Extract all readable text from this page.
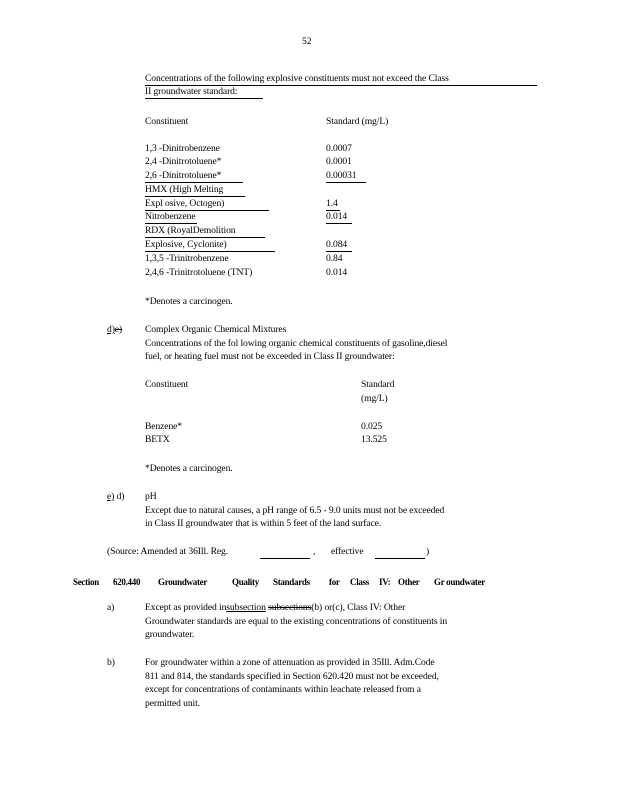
52
Concentrations of the following explosive constituents must not exceed the Class
II groundwater standard:
Constituent	Standard (mg/L)
1,3 -Dinitrobenzene	0.0007
2,4 -Dinitrotoluene*	0.0001
2,6 -Dinitrotoluene*	0.00031
HMX (High Melting
Expl osive, Octogen)	1.4
Nitrobenzene	0.014
RDX (RoyalDemolition
Explosive, Cyclonite)	0.084
1,3,5 -Trinitrobenzene	0.84
2,4,6 -Trinitrotoluene (TNT)	0.014
*Denotes a carcinogen.
d)e) Complex Organic Chemical Mixtures
Concentrations of the fol lowing organic chemical constituents of gasoline,diesel
fuel, or heating fuel must not be exceeded in Class II groundwater:
Constituent	Standard
(mg/L)
Benzene*	0.025
BETX	13.525
*Denotes a carcinogen.
e) d) pH
Except due to natural causes, a pH range of 6.5 - 9.0 units must not be exceeded
in Class II groundwater that is within 5 feet of the land surface.
(Source: Amended at 36Ill. Reg.	, effective	)
Section 620.440 Groundwater	Quality Standards for Class IV: Other Gr oundwater
a)	Except as provided insubsection subsections(b) or(c), Class IV: Other
Groundwater standards are equal to the existing concentrations of constituents in
groundwater.
b)	For groundwater within a zone of attenuation as provided in 35Ill. Adm.Code
811 and 814, the standards specified in Section 620.420 must not be exceeded,
except for concentrations of contaminants within leachate released from a
permitted unit.
